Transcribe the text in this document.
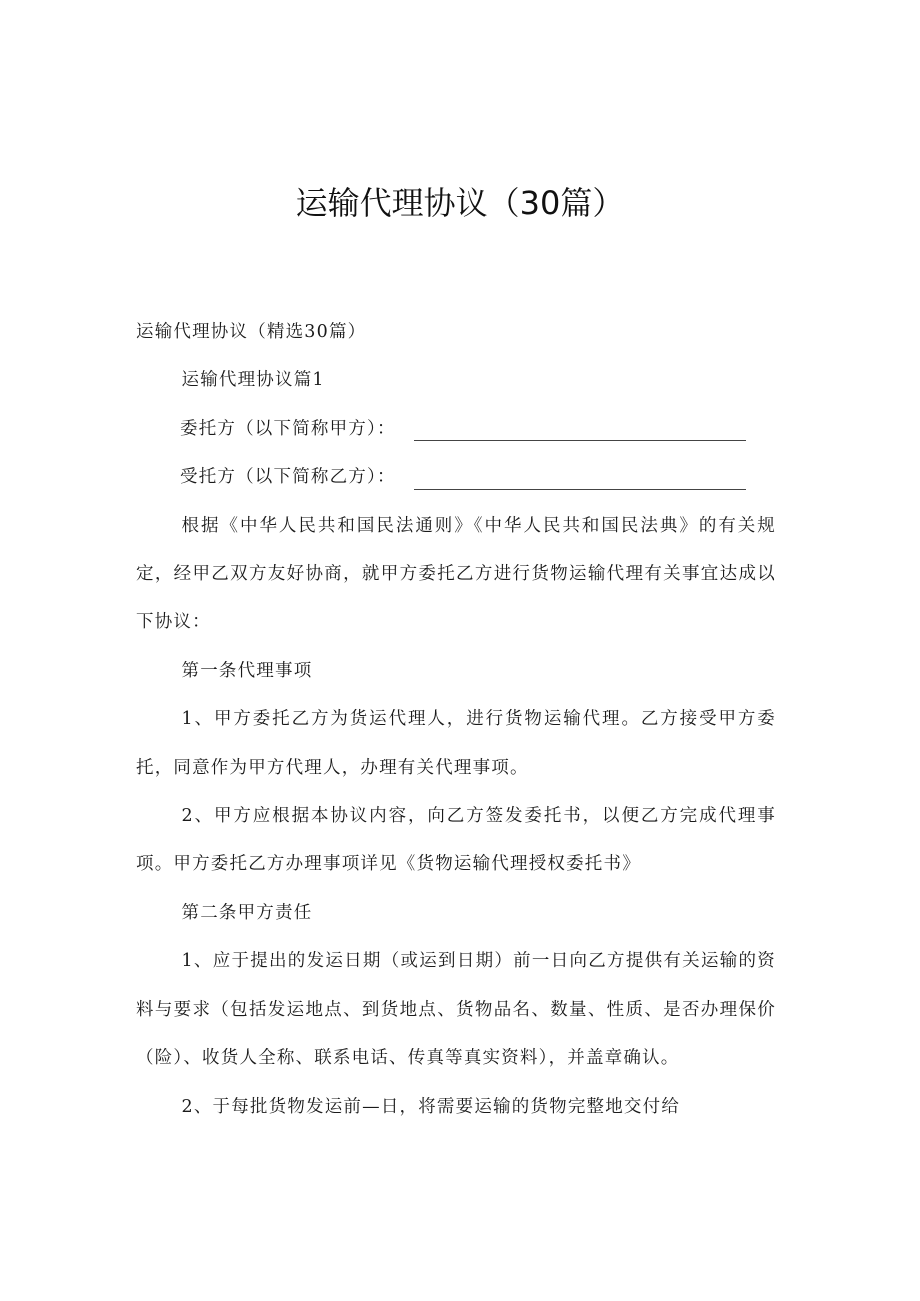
运输代理协议（30篇）

运输代理协议（精选30篇）

运输代理协议篇1

委托方（以下简称甲方）：
受托方（以下简称乙方）：

根据《中华人民共和国民法通则》《中华人民共和国民法典》的有关规定，经甲乙双方友好协商，就甲方委托乙方进行货物运输代理有关事宜达成以下协议：

第一条代理事项

1、甲方委托乙方为货运代理人，进行货物运输代理。乙方接受甲方委托，同意作为甲方代理人，办理有关代理事项。

2、甲方应根据本协议内容，向乙方签发委托书，以便乙方完成代理事项。甲方委托乙方办理事项详见《货物运输代理授权委托书》

第二条甲方责任

1、应于提出的发运日期（或运到日期）前一日向乙方提供有关运输的资料与要求（包括发运地点、到货地点、货物品名、数量、性质、是否办理保价（险）、收货人全称、联系电话、传真等真实资料），并盖章确认。

2、于每批货物发运前—日，将需要运输的货物完整地交付给
